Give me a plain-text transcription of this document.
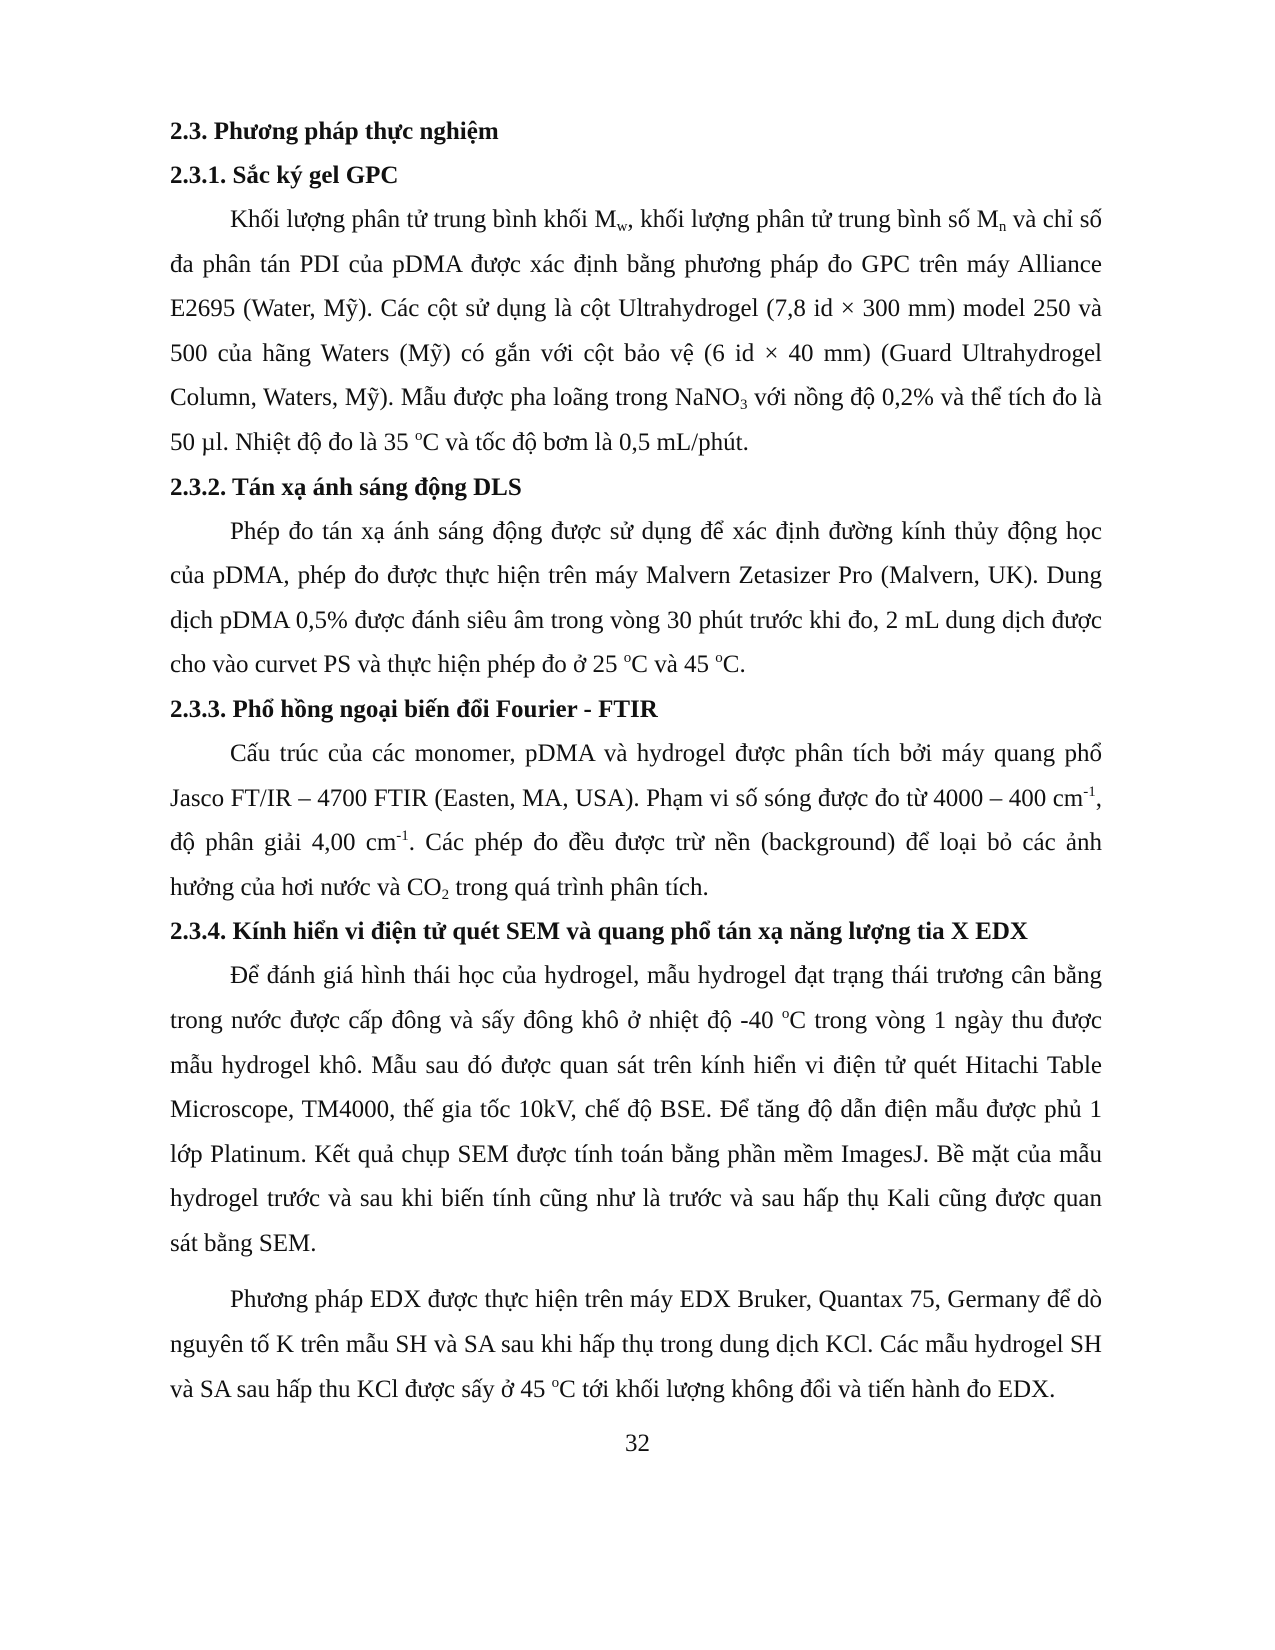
2.3. Phương pháp thực nghiệm
2.3.1. Sắc ký gel GPC

Khối lượng phân tử trung bình khối $M_w$, khối lượng phân tử trung bình số $M_n$ và chỉ số đa phân tán PDI của pDMA được xác định bằng phương pháp đo GPC trên máy Alliance E2695 (Water, Mỹ). Các cột sử dụng là cột Ultrahydrogel (7,8 id × 300 mm) model 250 và 500 của hãng Waters (Mỹ) có gắn với cột bảo vệ (6 id × 40 mm) (Guard Ultrahydrogel Column, Waters, Mỹ). Mẫu được pha loãng trong NaNO$_3$ với nồng độ 0,2% và thể tích đo là 50 µl. Nhiệt độ đo là 35 $^o$C và tốc độ bơm là 0,5 mL/phút.

2.3.2. Tán xạ ánh sáng động DLS

Phép đo tán xạ ánh sáng động được sử dụng để xác định đường kính thủy động học của pDMA, phép đo được thực hiện trên máy Malvern Zetasizer Pro (Malvern, UK). Dung dịch pDMA 0,5% được đánh siêu âm trong vòng 30 phút trước khi đo, 2 mL dung dịch được cho vào curvet PS và thực hiện phép đo ở 25 $^o$C và 45 $^o$C.

2.3.3. Phổ hồng ngoại biến đổi Fourier - FTIR

Cấu trúc của các monomer, pDMA và hydrogel được phân tích bởi máy quang phổ Jasco FT/IR – 4700 FTIR (Easten, MA, USA). Phạm vi số sóng được đo từ 4000 – 400 $cm^{-1}$, độ phân giải 4,00 $cm^{-1}$. Các phép đo đều được trừ nền (background) để loại bỏ các ảnh hưởng của hơi nước và $CO_2$ trong quá trình phân tích.

2.3.4. Kính hiển vi điện tử quét SEM và quang phổ tán xạ năng lượng tia X EDX

Để đánh giá hình thái học của hydrogel, mẫu hydrogel đạt trạng thái trương cân bằng trong nước được cấp đông và sấy đông khô ở nhiệt độ -40 $^o$C trong vòng 1 ngày thu được mẫu hydrogel khô. Mẫu sau đó được quan sát trên kính hiển vi điện tử quét Hitachi Table Microscope, TM4000, thế gia tốc 10kV, chế độ BSE. Để tăng độ dẫn điện mẫu được phủ 1 lớp Platinum. Kết quả chụp SEM được tính toán bằng phần mềm ImagesJ. Bề mặt của mẫu hydrogel trước và sau khi biến tính cũng như là trước và sau hấp thụ Kali cũng được quan sát bằng SEM.

Phương pháp EDX được thực hiện trên máy EDX Bruker, Quantax 75, Germany để dò nguyên tố K trên mẫu SH và SA sau khi hấp thụ trong dung dịch KCl. Các mẫu hydrogel SH và SA sau hấp thu KCl được sấy ở 45 $^o$C tới khối lượng không đổi và tiến hành đo EDX.

32
